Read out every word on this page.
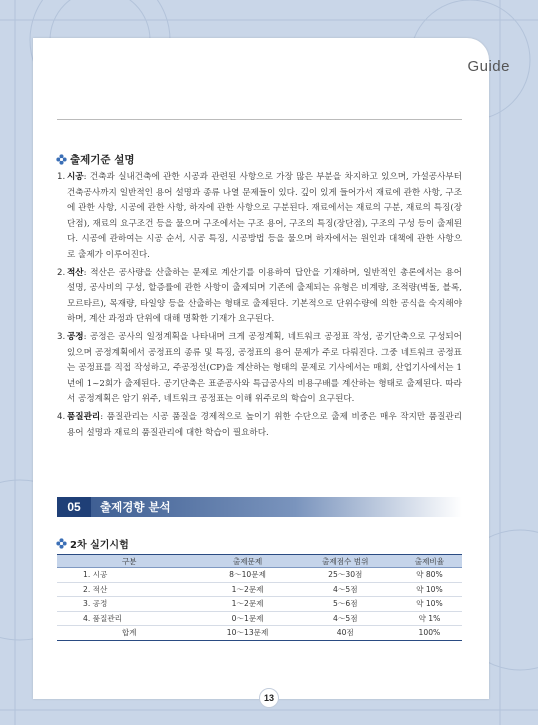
Guide
출제기준 설명
1. 시공: 건축과 실내건축에 관한 시공과 관련된 사항으로 가장 많은 부분을 차지하고 있으며, 가설공사부터 건축공사까지 일반적인 용어 설명과 종류 나열 문제들이 있다. 깊이 있게 들어가서 재료에 관한 사항, 구조에 관한 사항, 시공에 관한 사항, 하자에 관한 사항으로 구분된다. 재료에서는 재료의 구분, 재료의 특징(장단점), 재료의 요구조건 등을 물으며 구조에서는 구조 용어, 구조의 특징(장단점), 구조의 구성 등이 출제된다. 시공에 관하여는 시공 순서, 시공 특징, 시공방법 등을 물으며 하자에서는 원인과 대책에 관한 사항으로 출제가 이루어진다.
2. 적산: 적산은 공사량을 산출하는 문제로 계산기를 이용하여 답안을 기재하며, 일반적인 총론에서는 용어 설명, 공사비의 구성, 할증률에 관한 사항이 출제되며 기존에 출제되는 유형은 비계량, 조적량(벽돌, 블록, 모르타르), 목재량, 타일양 등을 산출하는 형태로 출제된다. 기본적으로 단위수량에 의한 공식을 숙지해야 하며, 계산 과정과 단위에 대해 명확한 기재가 요구된다.
3. 공정: 공정은 공사의 일정계획을 나타내며 크게 공정계획, 네트워크 공정표 작성, 공기단축으로 구성되어 있으며 공정계획에서 공정표의 종류 및 특징, 공정표의 용어 문제가 주로 다뤄진다. 그중 네트워크 공정표는 공정표를 직접 작성하고, 주공정선(CP)을 계산하는 형태의 문제로 기사에서는 매회, 산업기사에서는 1년에 1~2회가 출제된다. 공기단축은 표준공사와 특급공사의 비용구배를 계산하는 형태로 출제된다. 따라서 공정계획은 암기 위주, 네트워크 공정표는 이해 위주로의 학습이 요구된다.
4. 품질관리: 품질관리는 시공 품질을 경제적으로 높이기 위한 수단으로 출제 비중은 매우 작지만 품질관리 용어 설명과 재료의 품질관리에 대한 학습이 필요하다.
05	출제경향 분석
2차 실기시험
구분	출제문제	출제점수 범위	출제비율
1. 시공	8～10문제	25～30점	약 80%
2. 적산	1～2문제	4～5점	약 10%
3. 공정	1～2문제	5～6점	약 10%
4. 품질관리	0～1문제	4～5점	약 1%
합계	10～13문제	40점	100%
13
